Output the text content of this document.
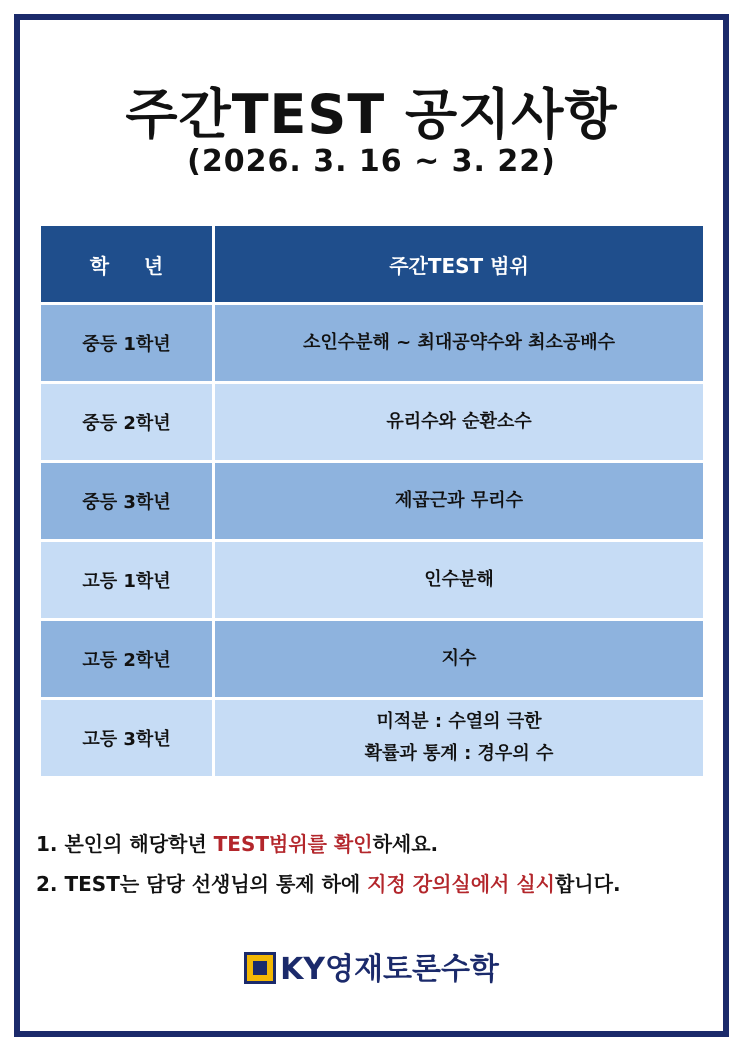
주간TEST 공지사항
(2026. 3. 16 ~ 3. 22)
학     년	주간TEST 범위
중등 1학년	소인수분해 ~ 최대공약수와 최소공배수

중등 2학년	유리수와 순환소수

중등 3학년	제곱근과 무리수

고등 1학년	인수분해

고등 2학년	지수

고등 3학년	미적분 : 수열의 극한
확률과 통계 : 경우의 수
1. 본인의 해당학년 TEST범위를 확인하세요.
2. TEST는 담당 선생님의 통제 하에 지정 강의실에서 실시합니다.
KY영재토론수학
